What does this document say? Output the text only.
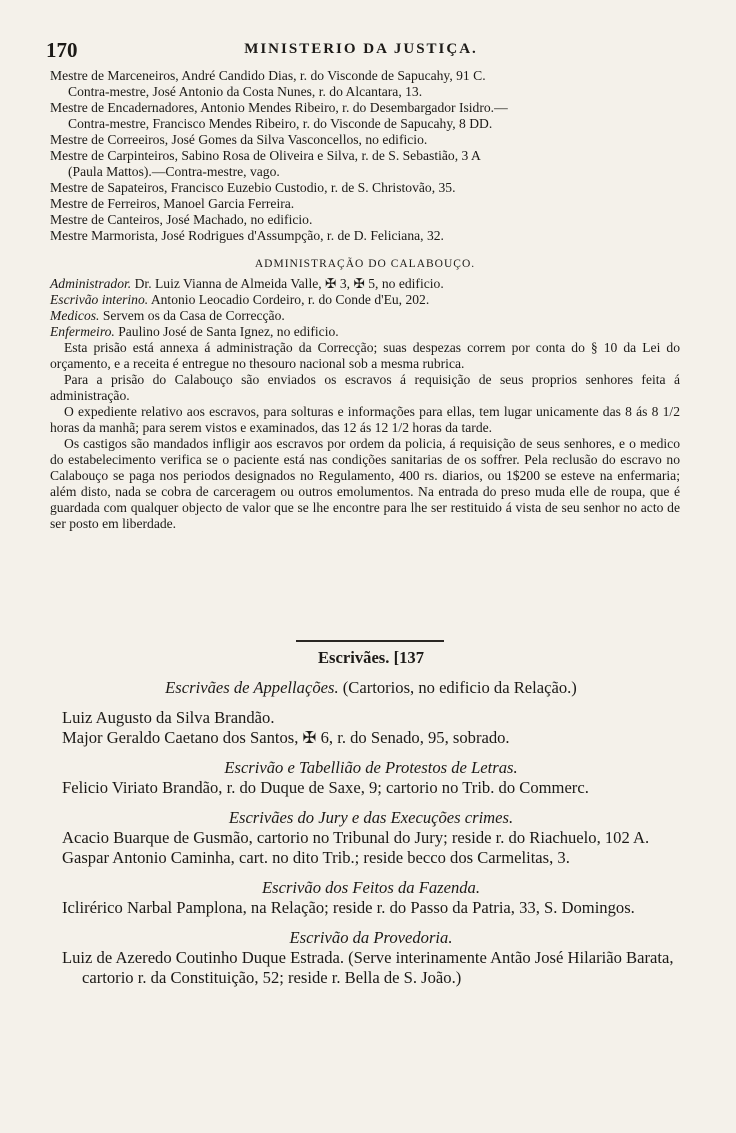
170	MINISTERIO DA JUSTIÇA.

Mestre de Marceneiros, André Candido Dias, r. do Visconde de Sapucahy, 91 C.

Contra-mestre, José Antonio da Costa Nunes, r. do Alcantara, 13.

Mestre de Encadernadores, Antonio Mendes Ribeiro, r. do Desembargador Isidro.—

Contra-mestre, Francisco Mendes Ribeiro, r. do Visconde de Sapucahy, 8 DD.

Mestre de Correeiros, José Gomes da Silva Vasconcellos, no edificio.

Mestre de Carpinteiros, Sabino Rosa de Oliveira e Silva, r. de S. Sebastião, 3 A

(Paula Mattos).—Contra-mestre, vago.

Mestre de Sapateiros, Francisco Euzebio Custodio, r. de S. Christovão, 35.

Mestre de Ferreiros, Manoel Garcia Ferreira.

Mestre de Canteiros, José Machado, no edificio.

Mestre Marmorista, José Rodrigues d'Assumpção, r. de D. Feliciana, 32.

ADMINISTRAÇÃO DO CALABOUÇO.

Administrador. Dr. Luiz Vianna de Almeida Valle, ✠ 3, ✠ 5, no edificio.

Escrivão interino. Antonio Leocadio Cordeiro, r. do Conde d'Eu, 202.

Medicos. Servem os da Casa de Correcção.

Enfermeiro. Paulino José de Santa Ignez, no edificio.

Esta prisão está annexa á administração da Correcção; suas despezas correm por conta do § 10 da Lei do orçamento, e a receita é entregue no thesouro nacional sob a mesma rubrica.

Para a prisão do Calabouço são enviados os escravos á requisição de seus proprios senhores feita á administração.

O expediente relativo aos escravos, para solturas e informações para ellas, tem lugar unicamente das 8 ás 8 1/2 horas da manhã; para serem vistos e examinados, das 12 ás 12 1/2 horas da tarde.

Os castigos são mandados infligir aos escravos por ordem da policia, á requisição de seus senhores, e o medico do estabelecimento verifica se o paciente está nas condições sanitarias de os soffrer. Pela reclusão do escravo no Calabouço se paga nos periodos designados no Regulamento, 400 rs. diarios, ou 1$200 se esteve na enfermaria; além disto, nada se cobra de carceragem ou outros emolumentos. Na entrada do preso muda elle de roupa, que é guardada com qualquer objecto de valor que se lhe encontre para lhe ser restituido á vista de seu senhor no acto de ser posto em liberdade.

Escrivães. [137

Escrivães de Appellações. (Cartorios, no edificio da Relação.)

Luiz Augusto da Silva Brandão.

Major Geraldo Caetano dos Santos, ✠ 6, r. do Senado, 95, sobrado.

Escrivão e Tabellião de Protestos de Letras.

Felicio Viriato Brandão, r. do Duque de Saxe, 9; cartorio no Trib. do Commerc.

Escrivães do Jury e das Execuções crimes.

Acacio Buarque de Gusmão, cartorio no Tribunal do Jury; reside r. do Riachuelo, 102 A.

Gaspar Antonio Caminha, cart. no dito Trib.; reside becco dos Carmelitas, 3.

Escrivão dos Feitos da Fazenda.

Iclirérico Narbal Pamplona, na Relação; reside r. do Passo da Patria, 33, S. Domingos.

Escrivão da Provedoria.

Luiz de Azeredo Coutinho Duque Estrada. (Serve interinamente Antão José Hilarião Barata, cartorio r. da Constituição, 52; reside r. Bella de S. João.)
